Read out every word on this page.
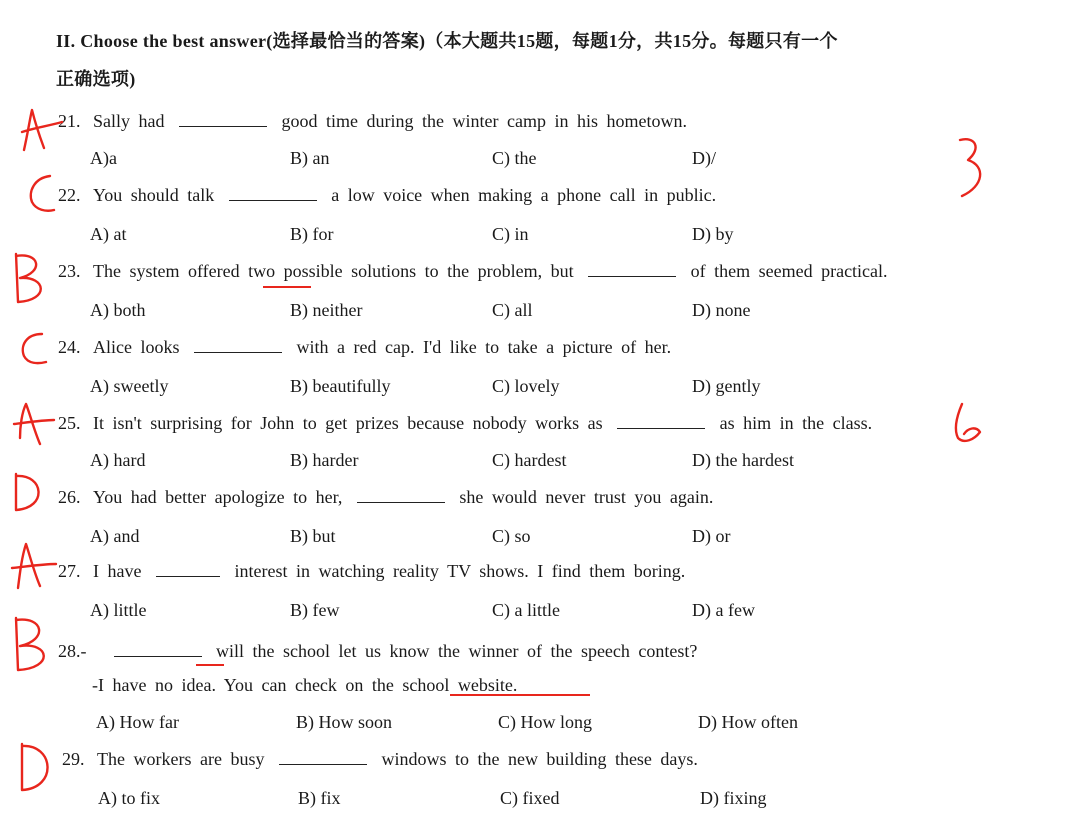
II. Choose the best answer(选择最恰当的答案)（本大题共15题，每题1分，共15分。每题只有一个
正确选项)
21. Sally had	good time during the winter camp in his hometown.
A)a	B) an	C) the	D)/
22. You should talk	a low voice when making a phone call in public.
A) at	B) for	C) in	D) by
23. The system offered two possible solutions to the problem, but	of them seemed practical.
A) both	B) neither	C) all	D) none
24. Alice looks	with a red cap. I'd like to take a picture of her.
A) sweetly	B) beautifully	C) lovely	D) gently
25. It isn't surprising for John to get prizes because nobody works as	as him in the class.
A) hard	B) harder	C) hardest	D) the hardest
26. You had better apologize to her,	she would never trust you again.
A) and	B) but	C) so	D) or
27. I have	interest in watching reality TV shows. I find them boring.
A) little	B) few	C) a little	D) a few
28.-	will the school let us know the winner of the speech contest?
-I have no idea. You can check on the school website.
A) How far	B) How soon	C) How long	D) How often
29. The workers are busy	windows to the new building these days.
A) to fix	B) fix	C) fixed	D) fixing
